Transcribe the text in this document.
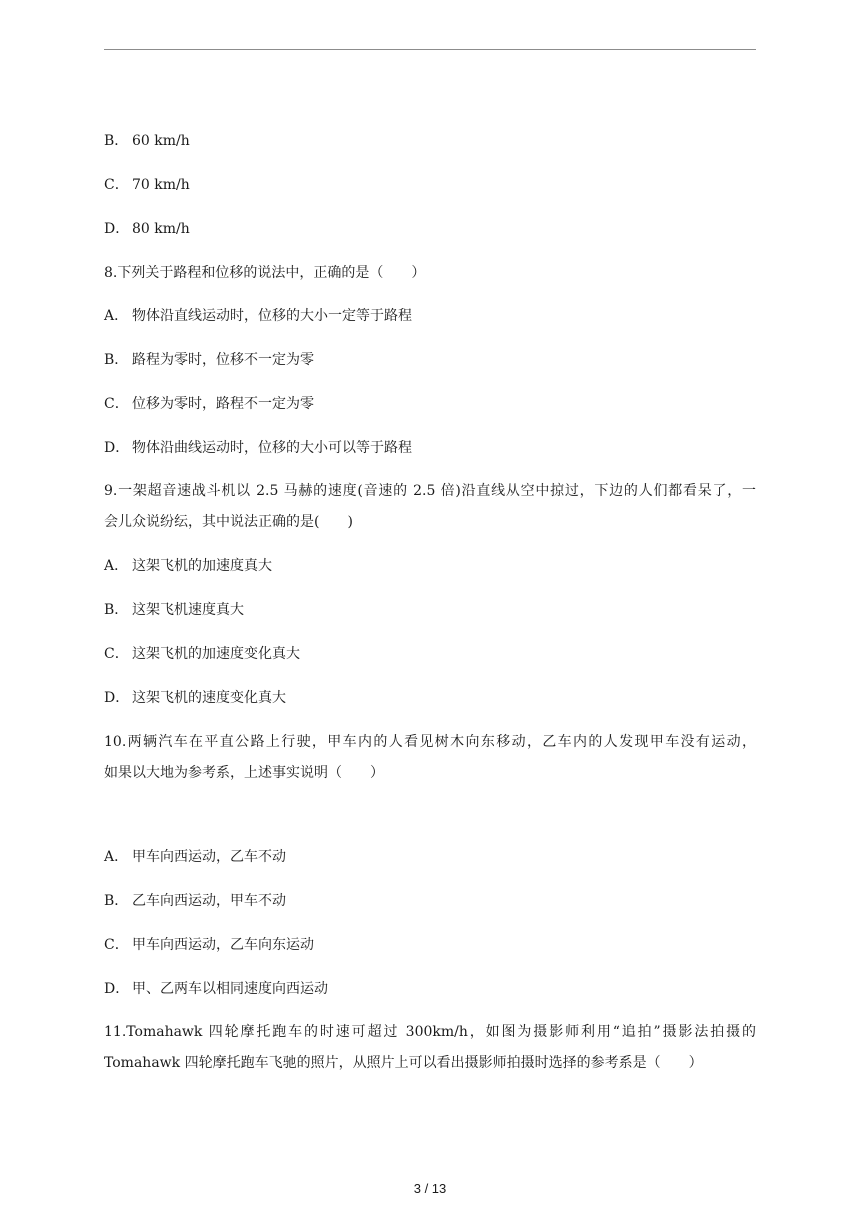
B． 60 km/h
C． 70 km/h
D． 80 km/h
8.下列关于路程和位移的说法中，正确的是（　　）
A． 物体沿直线运动时，位移的大小一定等于路程
B． 路程为零时，位移不一定为零
C． 位移为零时，路程不一定为零
D． 物体沿曲线运动时，位移的大小可以等于路程
9.一架超音速战斗机以 2.5 马赫的速度(音速的 2.5 倍)沿直线从空中掠过，下边的人们都看呆了，一
会儿众说纷纭，其中说法正确的是(　　)
A． 这架飞机的加速度真大
B． 这架飞机速度真大
C． 这架飞机的加速度变化真大
D． 这架飞机的速度变化真大
10.两辆汽车在平直公路上行驶，甲车内的人看见树木向东移动，乙车内的人发现甲车没有运动，
如果以大地为参考系，上述事实说明（　　）
A． 甲车向西运动，乙车不动
B． 乙车向西运动，甲车不动
C． 甲车向西运动，乙车向东运动
D． 甲、乙两车以相同速度向西运动
11.Tomahawk 四轮摩托跑车的时速可超过 300km/h，如图为摄影师利用“追拍”摄影法拍摄的
Tomahawk 四轮摩托跑车飞驰的照片，从照片上可以看出摄影师拍摄时选择的参考系是（　　）
3 / 13
